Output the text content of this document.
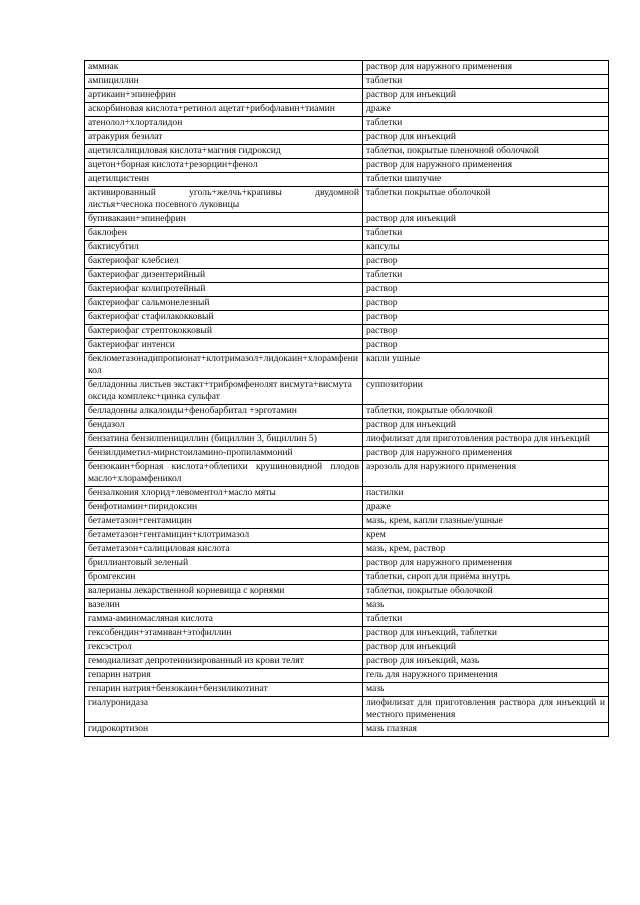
аммиак	раствор для наружного применения
ампициллин	таблетки
артикаин+эпинефрин	раствор для инъекций
аскорбиновая кислота+ретинол ацетат+рибофлавин+тиамин	драже
атенолол+хлорталидон	таблетки
атракурия безилат	раствор для инъекций
ацетилсалициловая кислота+магния гидроксид	таблетки, покрытые пленочной оболочкой
ацетон+борная кислота+резорцин+фенол	раствор для наружного применения
ацетилцистеин	таблетки шипучие
активированный уголь+желчь+крапивы двудомной листья+чеснока посевного луковицы	таблетки покрытые оболочкой
бупивакаин+эпинефрин	раствор для инъекций
баклофен	таблетки
бактисубтил	капсулы
бактериофаг клебсиел	раствор
бактериофаг дизентерийный	таблетки
бактериофаг колипротейный	раствор
бактериофаг сальмонелезный	раствор
бактериофаг стафилакокковый	раствор
бактериофаг стрептококковый	раствор
бактериофаг интенси	раствор
беклометазонадипропионат+клотримазол+лидокаин+хлорамфеникол	капли ушные
белладонны листьев экстакт+трибромфенолят висмута+висмута оксида комплекс+цинка сульфат	суппозитории
белладонны алкалоиды+фенобарбитал +эрготамин	таблетки, покрытые оболочкой
бендазол	раствор для инъекций
бензатина бензилпенициллин (бициллин 3, бициллин 5)	лиофилизат для приготовления раствора для инъекций
бензилдиметил-миристоиламино-пропиламмоний	раствор для наружного применения
бензокаин+борная кислота+облепихи крушиновидной плодов масло+хлорамфеникол	аэрозоль для наружного применения
бензалкония хлорид+левоментол+масло мяты	пастилки
бенфотиамин+пиридоксин	драже
бетаметазон+гентамицин	мазь, крем, капли глазные/ушные
бетаметазон+гентамицин+клотримазол	крем
бетаметазон+салициловая кислота	мазь, крем, раствор
бриллиантовый зеленый	раствор для наружного применения
бромгексин	таблетки, сироп для приёма внутрь
валерианы лекарственной корневища с корнями	таблетки, покрытые оболочкой
вазелин	мазь
гамма-аминомасляная кислота	таблетки
гексобендин+этамиван+этофиллин	раствор для инъекций, таблетки
гексэстрол	раствор для инъекций
гемодиализат депротеинизированный из крови телят	раствор для инъекций, мазь
гепарин натрия	гель для наружного применения
гепарин натрия+бензокаин+бензиликотинат	мазь
гиалуронидаза	лиофилизат для приготовления раствора для инъекций и местного применения
гидрокортизон	мазь глазная
